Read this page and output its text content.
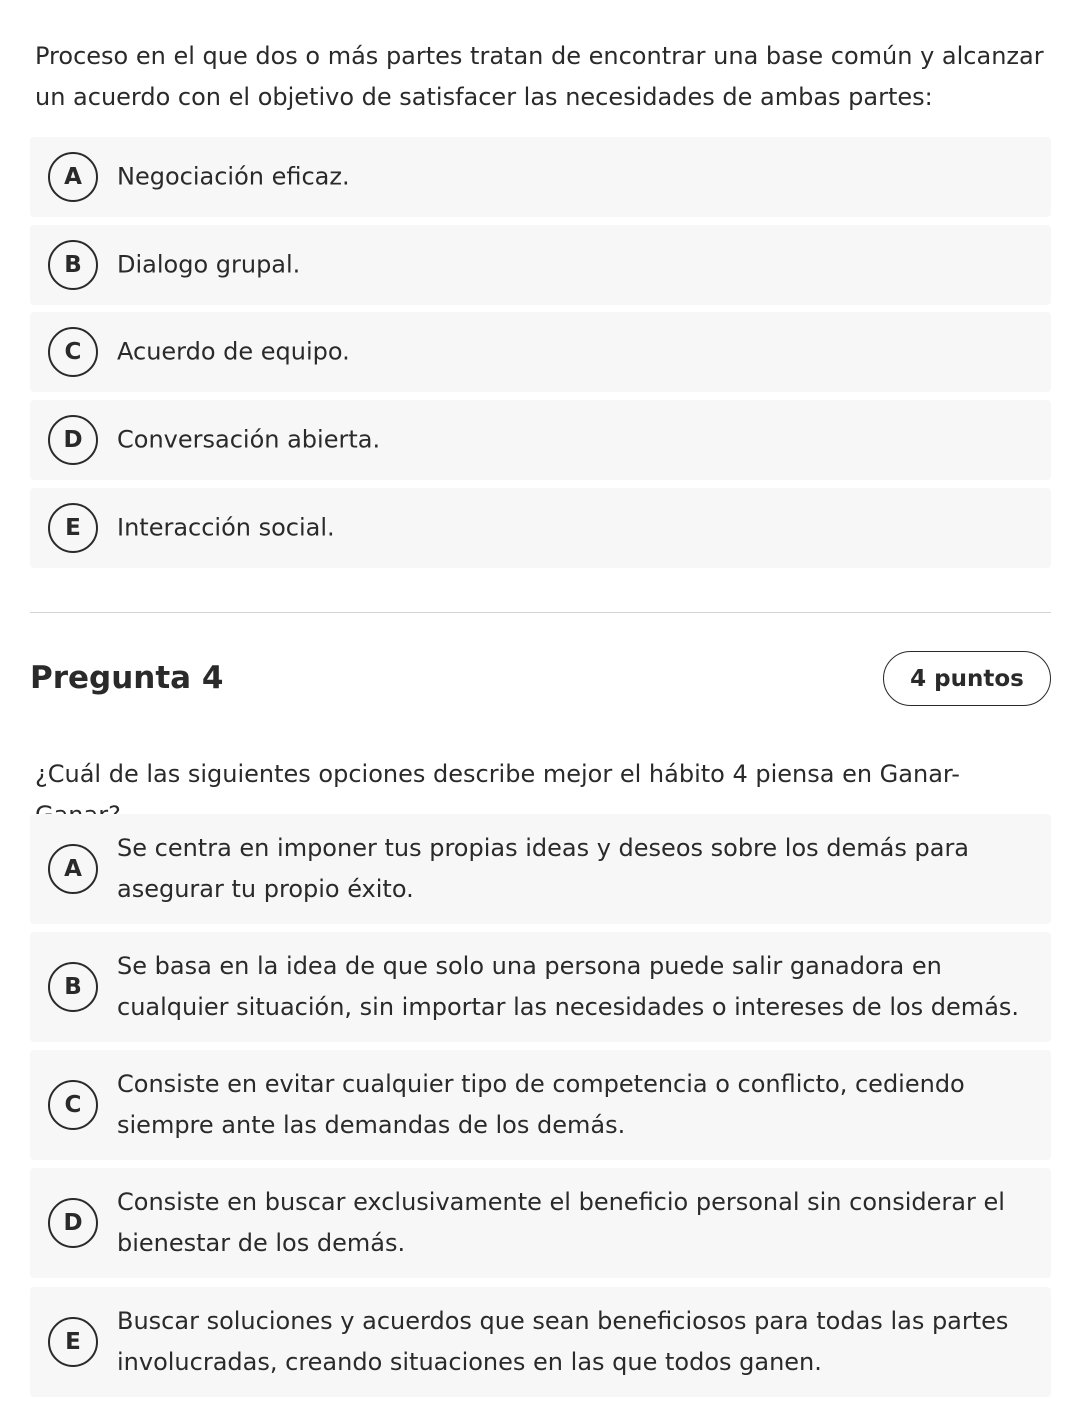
Proceso en el que dos o más partes tratan de encontrar una base común y alcanzar un acuerdo con el objetivo de satisfacer las necesidades de ambas partes:

A	Negociación eficaz.
B	Dialogo grupal.
C	Acuerdo de equipo.
D	Conversación abierta.
E	Interacción social.
Pregunta 4	4 puntos

¿Cuál de las siguientes opciones describe mejor el hábito 4 piensa en Ganar-

A
Se centra en imponer tus propias ideas y deseos sobre los demás para asegurar tu propio éxito.
B
Se basa en la idea de que solo una persona puede salir ganadora en cualquier situación, sin importar las necesidades o intereses de los demás.
C
Consiste en evitar cualquier tipo de competencia o conflicto, cediendo siempre ante las demandas de los demás.
D
Consiste en buscar exclusivamente el beneficio personal sin considerar el bienestar de los demás.
E
Buscar soluciones y acuerdos que sean beneficiosos para todas las partes involucradas, creando situaciones en las que todos ganen.
